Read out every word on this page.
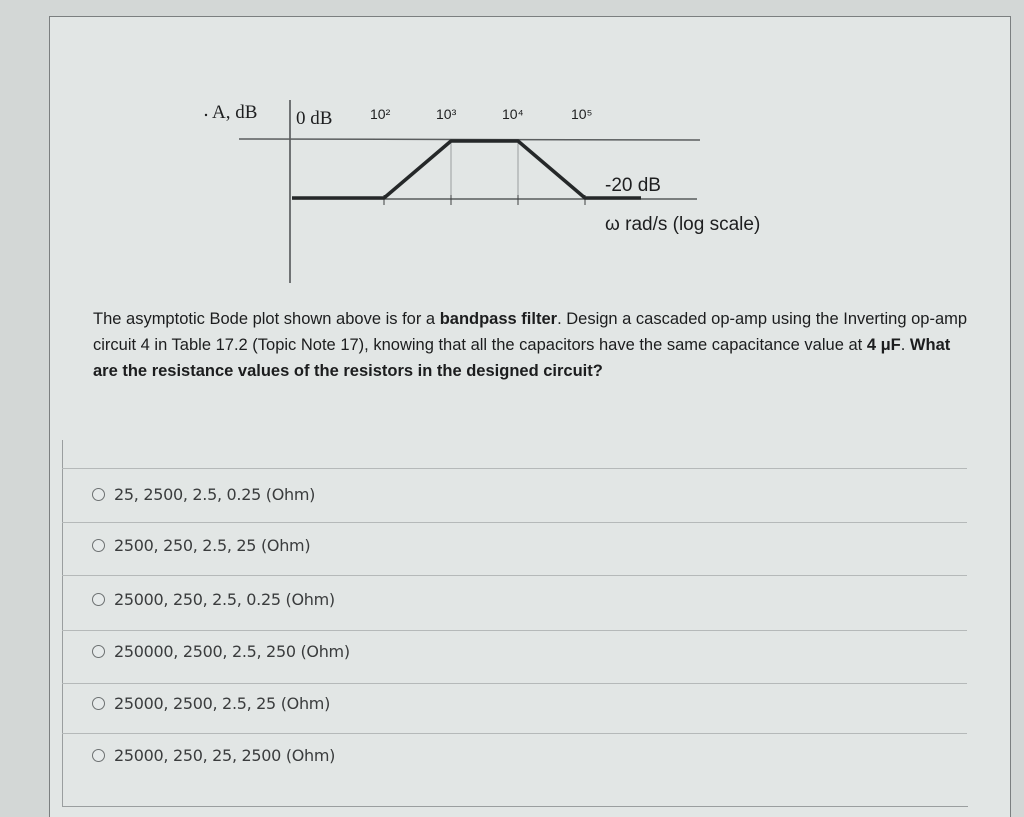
A, dB 0 dB	10²	10³	10⁴	10⁵
-20 dB
ω rad/s (log scale)
The asymptotic Bode plot shown above is for a bandpass filter. Design a cascaded op-amp using the Inverting op-amp circuit 4 in Table 17.2 (Topic Note 17), knowing that all the capacitors have the same capacitance value at 4 μF. What are the resistance values of the resistors in the designed circuit?
25, 2500, 2.5, 0.25 (Ohm)
2500, 250, 2.5, 25 (Ohm)
25000, 250, 2.5, 0.25 (Ohm)
250000, 2500, 2.5, 250 (Ohm)
25000, 2500, 2.5, 25 (Ohm)
25000, 250, 25, 2500 (Ohm)
